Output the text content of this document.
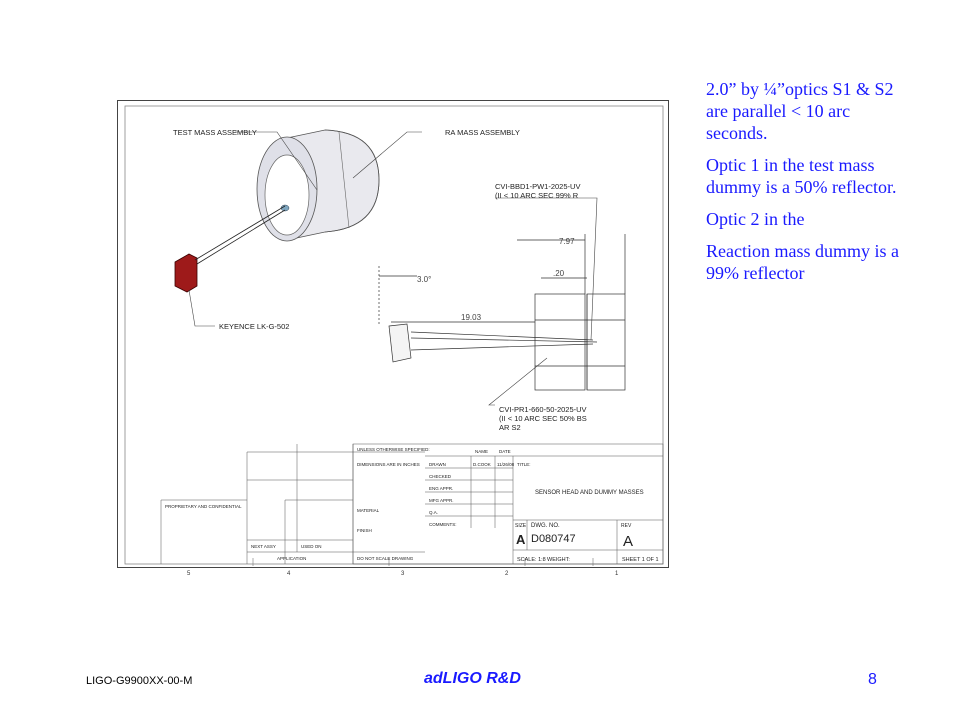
5	4	3	2	1
TEST MASS ASSEMBLY	RA MASS ASSEMBLY
KEYENCE LK-G-502
CVI-BBD1-PW1-2025-UV
(II < 10 ARC SEC 99% R
CVI-PR1-660-50-2025-UV
(II < 10 ARC SEC 50% BS
AR S2
7.97
.20
3.0°
19.03
UNLESS OTHERWISE SPECIFIED:	NAME DATE
DRAWN	D.COOK 11/26/08
CHECKED
ENG APPR.
MFG APPR.
Q.A.
COMMENTS:
TITLE:
DIMENSIONS ARE IN INCHES
MATERIAL
FINISH
PROPRIETARY AND CONFIDENTIAL
NEXT ASSY	USED ON
APPLICATION	DO NOT SCALE DRAWING
SENSOR HEAD AND DUMMY MASSES
SIZE DWG. NO.	REV
A D080747	A
SCALE: 1:8 WEIGHT:	SHEET 1 OF 1

2.0” by ¼”optics S1 & S2 are parallel < 10 arc seconds.

Optic 1 in the test mass dummy is a 50% reflector.

Optic 2 in the

Reaction mass dummy is a 99% reflector

LIGO-G9900XX-00-M	adLIGO R&D	8
